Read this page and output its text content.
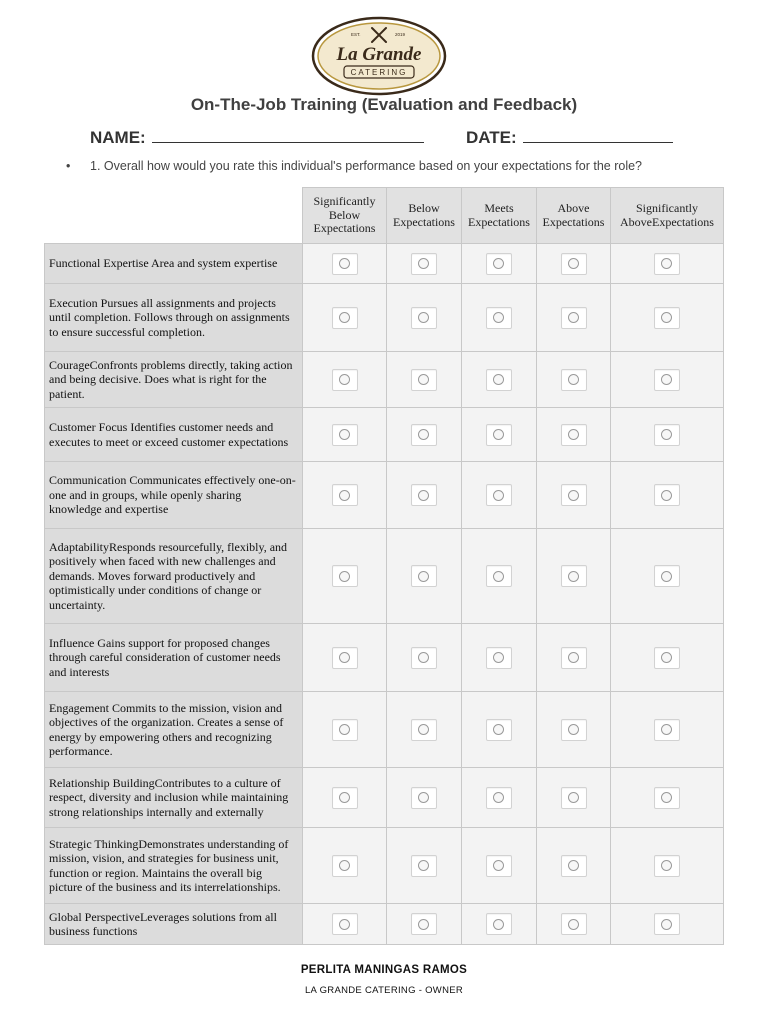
EST.	2019
La Grande
CATERING
On-The-Job Training (Evaluation and Feedback)
NAME:	DATE:
• 1. Overall how would you rate this individual's performance based on your expectations for the role?
	Significantly Below Expectations	Below Expectations	Meets Expectations	Above Expectations	Significantly AboveExpectations
Functional Expertise Area and system expertise	

Execution Pursues all assignments and projects until completion. Follows through on assignments to ensure successful completion.	

CourageConfronts problems directly, taking action and being decisive. Does what is right for the patient.	

Customer Focus Identifies customer needs and executes to meet or exceed customer expectations	

Communication Communicates effectively one-on-one and in groups, while openly sharing knowledge and expertise	

AdaptabilityResponds resourcefully, flexibly, and positively when faced with new challenges and demands. Moves forward productively and optimistically under conditions of change or uncertainty.	

Influence Gains support for proposed changes through careful consideration of customer needs and interests	

Engagement Commits to the mission, vision and objectives of the organization. Creates a sense of energy by empowering others and recognizing performance.	

Relationship BuildingContributes to a culture of respect, diversity and inclusion while maintaining strong relationships internally and externally	

Strategic ThinkingDemonstrates understanding of mission, vision, and strategies for business unit, function or region. Maintains the overall big picture of the business and its interrelationships.	

Global PerspectiveLeverages solutions from all business functions	

PERLITA MANINGAS RAMOS
LA GRANDE CATERING - OWNER
